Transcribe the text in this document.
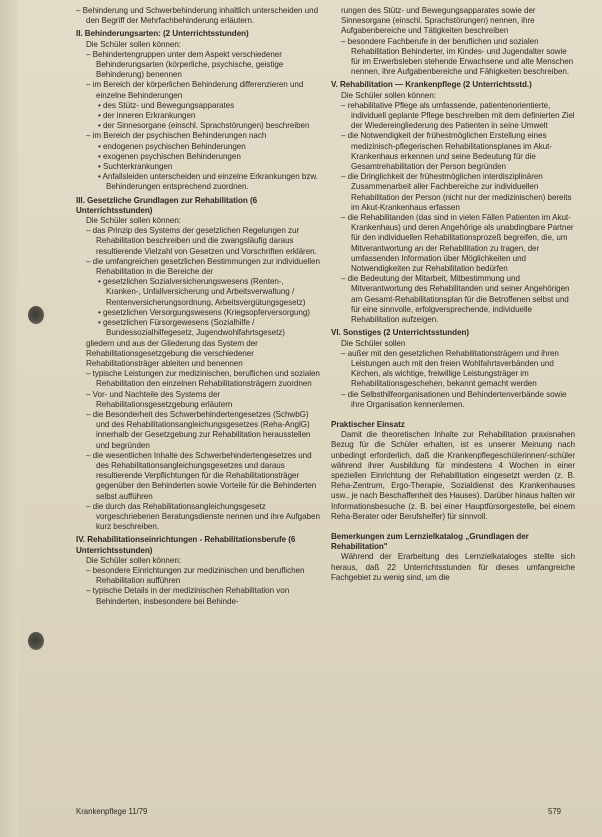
– Behinderung und Schwerbehinderung inhaltlich unterscheiden und den Begriff der Mehrfachbehinderung erläutern.

II. Behinderungsarten: (2 Unterrichtsstunden)

Die Schüler sollen können:

– Behindertengruppen unter dem Aspekt verschiedener Behinderungsarten (körperliche, psychische, geistige Behinderung) benennen

– im Bereich der körperlichen Behinderung differenzieren und einzelne Behinderungen

• des Stütz- und Bewegungsapparates

• der inneren Erkrankungen

• der Sinnesorgane (einschl. Sprachstörungen) beschreiben

– im Bereich der psychischen Behinderungen nach

• endogenen psychischen Behinderungen

• exogenen psychischen Behinderungen

• Suchterkrankungen

• Anfallsleiden unterscheiden und einzelne Erkrankungen bzw. Behinderungen entsprechend zuordnen.

III. Gesetzliche Grundlagen zur Rehabilitation (6 Unterrichtsstunden)

Die Schüler sollen können:

– das Prinzip des Systems der gesetzlichen Regelungen zur Rehabilitation beschreiben und die zwangsläufig daraus resultierende Vielzahl von Gesetzen und Vorschriften erklären.

– die umfangreichen gesetzlichen Bestimmungen zur individuellen Rehabilitation in die Bereiche der

• gesetzlichen Sozialversicherungswesens (Renten-, Kranken-, Unfallversicherung und Arbeitsverwaltung / Rentenversicherungsordnung, Arbeitsvergütungsgesetz)

• gesetzlichen Versorgungswesens (Kriegsopferversorgung)

• gesetzlichen Fürsorgewesens (Sozialhilfe / Bundessozialhilfegesetz, Jugendwohlfahrtsgesetz)

gliedern und aus der Gliederung das System der Rehabilitationsgesetzgebung die verschiedener Rehabilitationsträger ableiten und benennen

– typische Leistungen zur medizinischen, beruflichen und sozialen Rehabilitation den einzelnen Rehabilitationsträgern zuordnen

– Vor- und Nachteile des Systems der Rehabilitationsgesetzgebung erläutern

– die Besonderheit des Schwerbehindertengesetzes (SchwbG) und des Rehabilitationsangleichungsgesetzes (Reha-AnglG) innerhalb der Gesetzgebung zur Rehabilitation herausstellen und begründen

– die wesentlichen Inhalte des Schwerbehindertengesetzes und des Rehabilitationsangleichungsgesetzes und daraus resultierende Verpflichtungen für die Rehabilitationsträger gegenüber den Behinderten sowie Vorteile für die Behinderten selbst aufführen

– die durch das Rehabilitationsangleichungsgesetz vorgeschriebenen Beratungsdienste nennen und ihre Aufgaben kurz beschreiben.

IV. Rehabilitationseinrichtungen - Rehabilitationsberufe (6 Unterrichtsstunden)

Die Schüler sollen können:

– besondere Einrichtungen zur medizinischen und beruflichen Rehabilitation aufführen

– typische Details in der medizinischen Rehabilitation von Behinderten, insbesondere bei Behinde-

rungen des Stütz- und Bewegungsapparates sowie der Sinnesorgane (einschl. Sprachstörungen) nennen, ihre Aufgabenbereiche und Tätigkeiten beschreiben

– besondere Fachberufe in der beruflichen und sozialen Rehabilitation Behinderter, im Kindes- und Jugendalter sowie für im Erwerbsleben stehende Erwachsene und alte Menschen nennen, ihre Aufgabenbereiche und Fähigkeiten beschreiben.

V. Rehabilitation — Krankenpflege (2 Unterrichtsstd.)

Die Schüler sollen können:

– rehabilitative Pflege als umfassende, patientenorientierte, individuell geplante Pflege beschreiben mit dem definierten Ziel der Wiedereingliederung des Patienten in seine Umwelt

– die Notwendigkeit der frühestmöglichen Erstellung eines medizinisch-pflegerischen Rehabilitationsplanes im Akut-Krankenhaus erkennen und seine Bedeutung für die Gesamtrehabilitation der Person begründen

– die Dringlichkeit der frühestmöglichen interdisziplinären Zusammenarbeit aller Fachbereiche zur individuellen Rehabilitation der Person (nicht nur der medizinischen) bereits im Akut-Krankenhaus erfassen

– die Rehabilitanden (das sind in vielen Fällen Patienten im Akut-Krankenhaus) und deren Angehörige als unabdingbare Partner für den individuellen Rehabilitationsprozeß begreifen, die, um Mitverantwortung an der Rehabilitation zu tragen, der umfassenden Information über Möglichkeiten und Notwendigkeiten zur Rehabilitation bedürfen

– die Bedeutung der Mitarbeit, Mitbestimmung und Mitverantwortung des Rehabilitanden und seiner Angehörigen am Gesamt-Rehabilitationsplan für die Betroffenen selbst und für eine sinnvolle, erfolgversprechende, individuelle Rehabilitation aufzeigen.

VI. Sonstiges (2 Unterrichtsstunden)

Die Schüler sollen

– außer mit den gesetzlichen Rehabilitationsträgern und ihren Leistungen auch mit den freien Wohlfahrtsverbänden und Kirchen, als wichtige, freiwillige Leistungsträger im Rehabilitationsgeschehen, bekannt gemacht werden

– die Selbsthilfeorganisationen und Behindertenverbände sowie ihre Organisation kennenlernen.

Praktischer Einsatz

Damit die theoretischen Inhalte zur Rehabilitation praxisnahen Bezug für die Schüler erhalten, ist es unserer Meinung nach unbedingt erforderlich, daß die Krankenpflegeschülerinnen/-schüler während ihrer Ausbildung für mindestens 4 Wochen in einer speziellen Einrichtung der Rehabilitation eingesetzt werden (z. B. Reha-Zentrum, Ergo-Therapie, Sozialdienst des Krankenhauses usw., je nach Beschaffenheit des Hauses). Darüber hinaus halten wir Informationsbesuche (z. B. bei einer Hauptfürsorgestelle, bei einem Reha-Berater oder Berufshelfer) für sinnvoll.

Bemerkungen zum Lernzielkatalog „Grundlagen der Rehabilitation"

Während der Erarbeitung des Lernzielkataloges stellte sich heraus, daß 22 Unterrichtsstunden für dieses umfangreiche Fachgebiet zu wenig sind, um die

Krankenpflege 11/79	579
